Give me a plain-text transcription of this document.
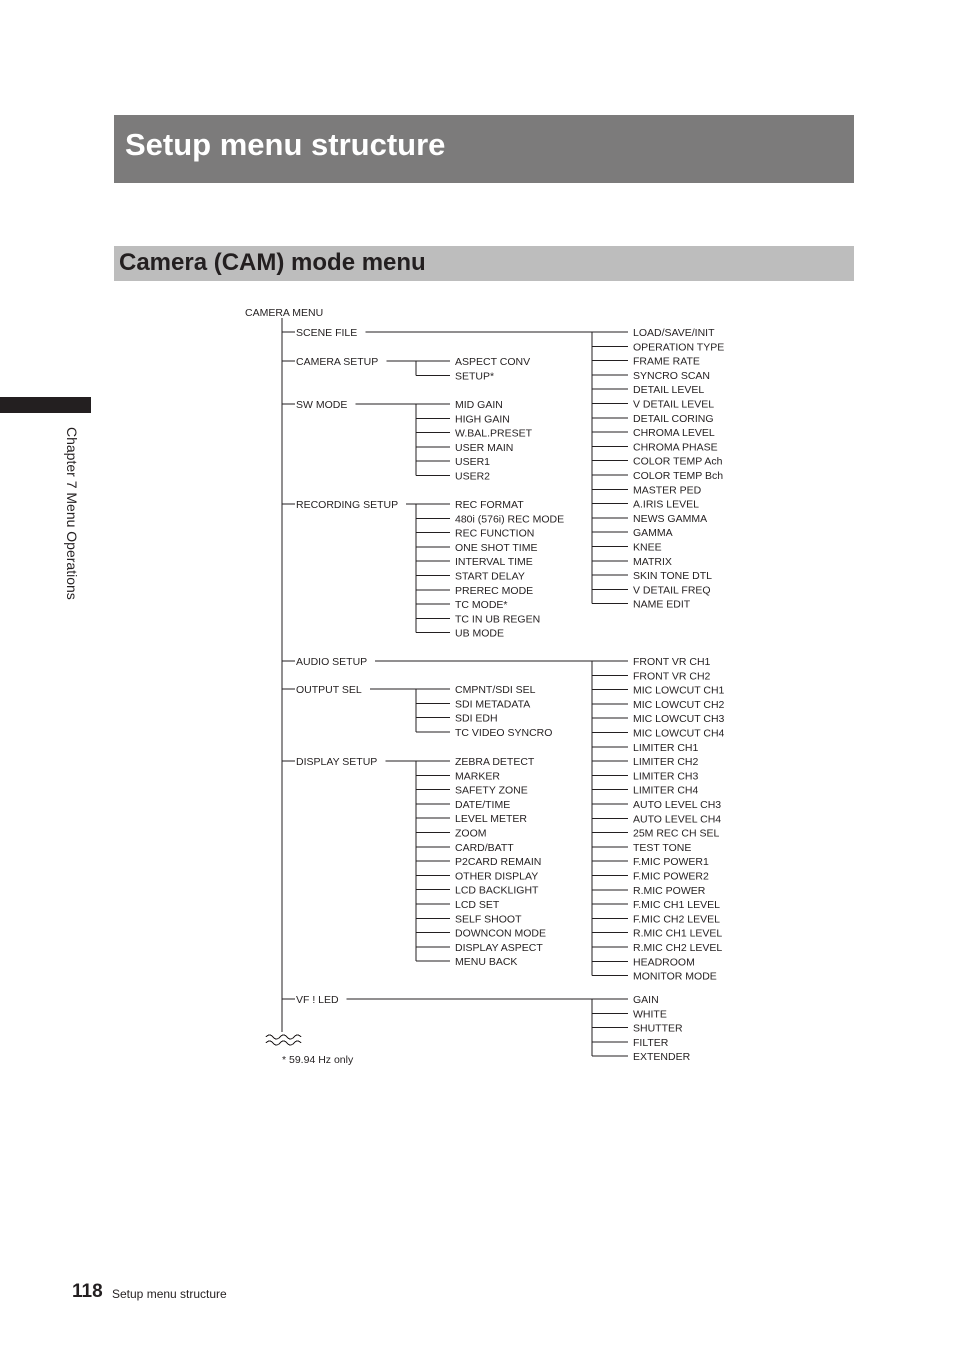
Setup menu structure
Camera (CAM) mode menu
Chapter 7 Menu Operations
CAMERA MENU
SCENE FILE	LOAD/SAVE/INIT
OPERATION TYPE
FRAME RATE
SYNCRO SCAN
DETAIL LEVEL
V DETAIL LEVEL
DETAIL CORING
CHROMA LEVEL
CHROMA PHASE
COLOR TEMP Ach
COLOR TEMP Bch
MASTER PED
A.IRIS LEVEL
NEWS GAMMA
GAMMA
KNEE
MATRIX
SKIN TONE DTL
V DETAIL FREQ
NAME EDIT
CAMERA SETUP	ASPECT CONV
SETUP*
SW MODE	MID GAIN
HIGH GAIN
W.BAL.PRESET
USER MAIN
USER1
USER2
RECORDING SETUP	REC FORMAT
480i (576i) REC MODE
REC FUNCTION
ONE SHOT TIME
INTERVAL TIME
START DELAY
PREREC MODE
TC MODE*
TC IN UB REGEN
UB MODE
AUDIO SETUP	FRONT VR CH1
FRONT VR CH2
MIC LOWCUT CH1
MIC LOWCUT CH2
MIC LOWCUT CH3
MIC LOWCUT CH4
LIMITER CH1
LIMITER CH2
LIMITER CH3
LIMITER CH4
AUTO LEVEL CH3
AUTO LEVEL CH4
25M REC CH SEL
TEST TONE
F.MIC POWER1
F.MIC POWER2
R.MIC POWER
F.MIC CH1 LEVEL
F.MIC CH2 LEVEL
R.MIC CH1 LEVEL
R.MIC CH2 LEVEL
HEADROOM
MONITOR MODE
OUTPUT SEL	CMPNT/SDI SEL
SDI METADATA
SDI EDH
TC VIDEO SYNCRO
DISPLAY SETUP	ZEBRA DETECT
MARKER
SAFETY ZONE
DATE/TIME
LEVEL METER
ZOOM
CARD/BATT
P2CARD REMAIN
OTHER DISPLAY
LCD BACKLIGHT
LCD SET
SELF SHOOT
DOWNCON MODE
DISPLAY ASPECT
MENU BACK
VF ! LED	GAIN
WHITE
SHUTTER
FILTER
EXTENDER
* 59.94 Hz only
118 Setup menu structure
